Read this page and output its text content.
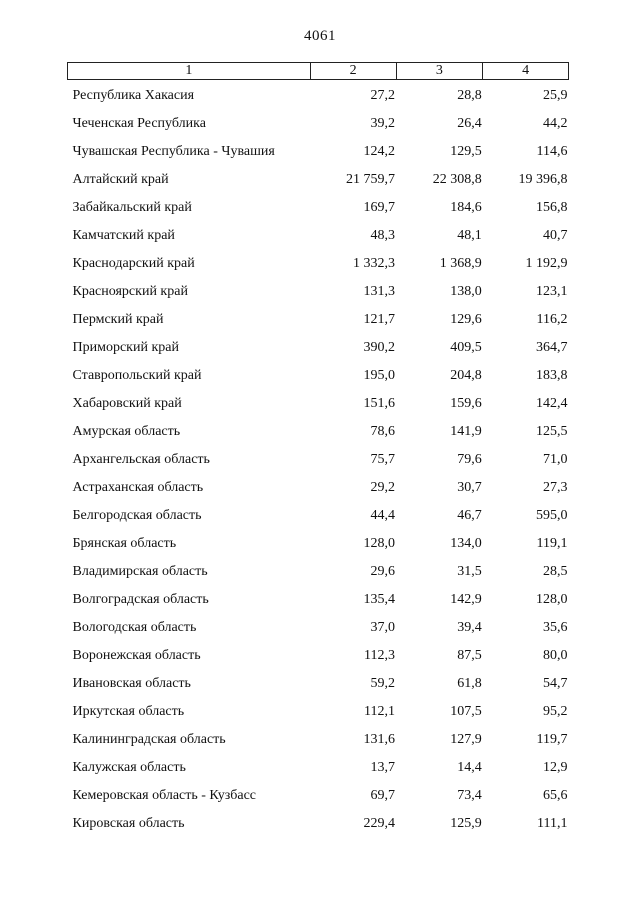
4061
1	2	3	4
Республика Хакасия	27,2	28,8	25,9
Чеченская Республика	39,2	26,4	44,2
Чувашская Республика - Чувашия	124,2	129,5	114,6
Алтайский край	21 759,7	22 308,8	19 396,8
Забайкальский край	169,7	184,6	156,8
Камчатский край	48,3	48,1	40,7
Краснодарский край	1 332,3	1 368,9	1 192,9
Красноярский край	131,3	138,0	123,1
Пермский край	121,7	129,6	116,2
Приморский край	390,2	409,5	364,7
Ставропольский край	195,0	204,8	183,8
Хабаровский край	151,6	159,6	142,4
Амурская область	78,6	141,9	125,5
Архангельская область	75,7	79,6	71,0
Астраханская область	29,2	30,7	27,3
Белгородская область	44,4	46,7	595,0
Брянская область	128,0	134,0	119,1
Владимирская область	29,6	31,5	28,5
Волгоградская область	135,4	142,9	128,0
Вологодская область	37,0	39,4	35,6
Воронежская область	112,3	87,5	80,0
Ивановская область	59,2	61,8	54,7
Иркутская область	112,1	107,5	95,2
Калининградская область	131,6	127,9	119,7
Калужская область	13,7	14,4	12,9
Кемеровская область - Кузбасс	69,7	73,4	65,6
Кировская область	229,4	125,9	111,1
